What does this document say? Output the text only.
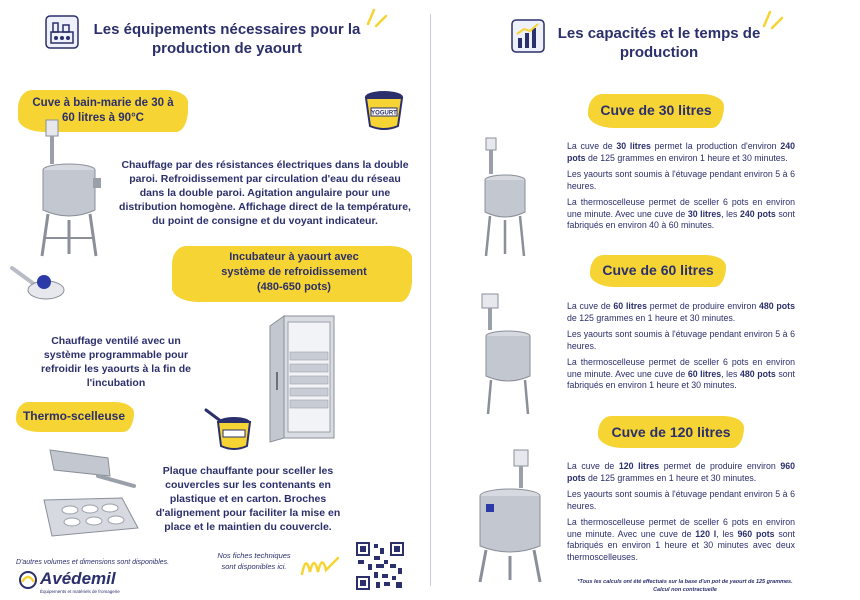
Les équipements nécessaires pour la
production de yaourt
Cuve à bain-marie de 30 à
60 litres à 90°C	YOGURT
Chauffage par des résistances électriques dans la double
paroi. Refroidissement par circulation d'eau du réseau
dans la double paroi. Agitation angulaire pour une
distribution homogène. Affichage direct de la température,
du point de consigne et du voyant indicateur.
Incubateur à yaourt avec
système de refroidissement
(480-650 pots)
Chauffage ventilé avec un
système programmable pour
refroidir les yaourts à la fin de
l'incubation
Thermo-scelleuse
Plaque chauffante pour sceller les
couvercles sur les contenants en
plastique et en carton. Broches
d'alignement pour faciliter la mise en
place et le maintien du couvercle.
D'autres volumes et dimensions sont disponibles.
Nos fiches techniques
sont disponibles ici.
Avédemil
Équipements et matériels de fromagerie
Les capacités et le temps de
production
Cuve de 30 litres

La cuve de 30 litres permet la production d'environ 240 pots de 125 grammes en environ 1 heure et 30 minutes.

Les yaourts sont soumis à l'étuvage pendant environ 5 à 6 heures.

La thermoscelleuse permet de sceller 6 pots en environ une minute. Avec une cuve de 30 litres, les 240 pots sont fabriqués en environ 40 à 60 minutes.

Cuve de 60 litres

La cuve de 60 litres permet de produire environ 480 pots de 125 grammes en 1 heure et 30 minutes.

Les yaourts sont soumis à l'étuvage pendant environ 5 à 6 heures.

La thermoscelleuse permet de sceller 6 pots en environ une minute. Avec une cuve de 60 litres, les 480 pots sont fabriqués en environ 1 heure et 30 minutes.

Cuve de 120 litres

La cuve de 120 litres permet de produire environ 960 pots de 125 grammes en 1 heure et 30 minutes.

Les yaourts sont soumis à l'étuvage pendant environ 5 à 6 heures.

La thermoscelleuse permet de sceller 6 pots en environ une minute. Avec une cuve de 120 l, les 960 pots sont fabriqués en environ 1 heure et 30 minutes avec deux thermoscelleuses.

*Tous les calculs ont été effectués sur la base d'un pot de yaourt de 125 grammes.
Calcul non contractuelle
